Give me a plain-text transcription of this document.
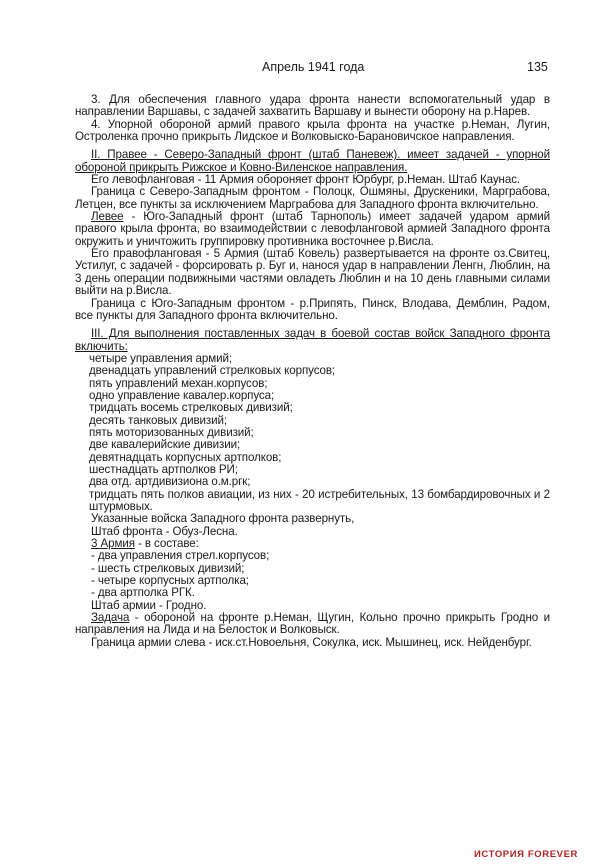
Апрель 1941 года	135

3. Для обеспечения главного удара фронта нанести вспомогательный удар в направлении Варшавы, с задачей захватить Варшаву и вынести оборону на р.Нарев.

4. Упорной обороной армий правого крыла фронта на участке р.Неман, Лугин, Остроленка прочно прикрыть Лидское и Волковыско-Барановичское направления.

II. Правее - Северо-Западный фронт (штаб Паневеж). имеет задачей - упорной обороной прикрыть Рижское и Ковно-Виленское направления.

Его левофланговая - 11 Армия обороняет фронт Юрбург, р.Неман. Штаб Каунас.

Граница с Северо-Западным фронтом - Полоцк, Ошмяны, Друскеники, Марграбова, Летцен, все пункты за исключением Марграбова для Западного фронта включительно.

Левее - Юго-Западный фронт (штаб Тарнополь) имеет задачей ударом армий правого крыла фронта, во взаимодействии с левофланговой армией Западного фронта окружить и уничтожить группировку противника восточнее р.Висла.

Его правофланговая - 5 Армия (штаб Ковель) развертывается на фронте оз.Свитец, Устилуг, с задачей - форсировать р. Буг и, нанося удар в направлении Ленгн, Люблин, на 3 день операции подвижными частями овладеть Люблин и на 10 день главными силами выйти на р.Висла.

Граница с Юго-Западным фронтом - р.Припять, Пинск, Влодава, Демблин, Радом, все пункты для Западного фронта включительно.

III. Для выполнения поставленных задач в боевой состав войск Западного фронта включить:

четыре управления армий;

двенадцать управлений стрелковых корпусов;

пять управлений механ.корпусов;

одно управление кавалер.корпуса;

тридцать восемь стрелковых дивизий;

десять танковых дивизий;

пять моторизованных дивизий;

две кавалерийские дивизии;

девятнадцать корпусных артполков;

шестнадцать артполков РИ;

два отд. артдивизиона о.м.ргк;

тридцать пять полков авиации, из них - 20 истребительных, 13 бомбардировочных и 2 штурмовых.

Указанные войска Западного фронта развернуть,

Штаб фронта - Обуз-Лесна.

3 Армия - в составе:

- два управления стрел.корпусов;

- шесть стрелковых дивизий;

- четыре корпусных артполка;

- два артполка РГК.

Штаб армии - Гродно.

Задача - обороной на фронте р.Неман, Щугин, Кольно прочно прикрыть Гродно и направления на Лида и на Белосток и Волковыск.

Граница армии слева - иск.ст.Новоельня, Сокулка, иск. Мышинец, иск. Нейденбург.

ИСТОРИЯ FOREVER
